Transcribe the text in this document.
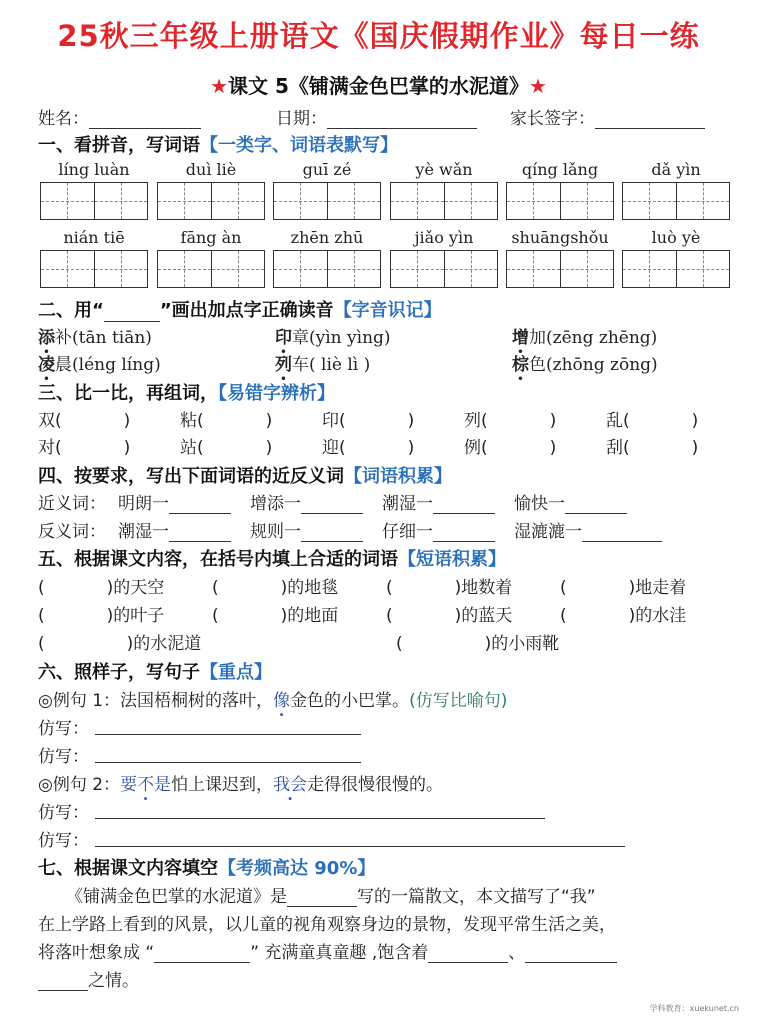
25秋三年级上册语文《国庆假期作业》每日一练
★课文 5《铺满金色巴掌的水泥道》★
姓名：	日期：	家长签字：
一、看拼音，写词语【一类字、词语表默写】
líng luàn	duì liè	guī zé	yè wǎn	qíng lǎng	dǎ yìn
nián tiē	fāng àn	zhēn zhū	jiǎo yìn	shuāngshǒu	luò yè
二、用“	”画出加点字正确读音【字音识记】
添补(tān tiān)	印章(yìn yìng)	增加(zēng zhēng)
凌晨(léng líng)	列车( liè lì )	棕色(zhōng zōng)
三、比一比，再组词，【易错字辨析】
双(	)	粘(	)	印(	)	列(	)	乱(	)
对(	)	站(	)	迎(	)	例(	)	刮(	)
四、按要求，写出下面词语的近反义词【词语积累】
近义词： 明朗一	增添一	潮湿一	愉快一
反义词： 潮湿一	规则一	仔细一	湿漉漉一
五、根据课文内容，在括号内填上合适的词语【短语积累】
(	)的天空	(	)的地毯	(	)地数着	(	)地走着
(	)的叶子	(	)的地面	(	)的蓝天	(	)的水洼
(	)的水泥道	(	)的小雨靴
六、照样子，写句子【重点】
◎例句 1：法国梧桐树的落叶，像金色的小巴掌。(仿写比喻句)
仿写：
仿写：
◎例句 2：要不是怕上课迟到，我会走得很慢很慢的。
仿写：
仿写：
七、根据课文内容填空【考频高达 90%】
《铺满金色巴掌的水泥道》是	写的一篇散文，本文描写了“我”
在上学路上看到的风景，以儿童的视角观察身边的景物，发现平常生活之美，
将落叶想象成 “	” 充满童真童趣 ,饱含着	、
之情。
学科教育：xuekunet.cn
